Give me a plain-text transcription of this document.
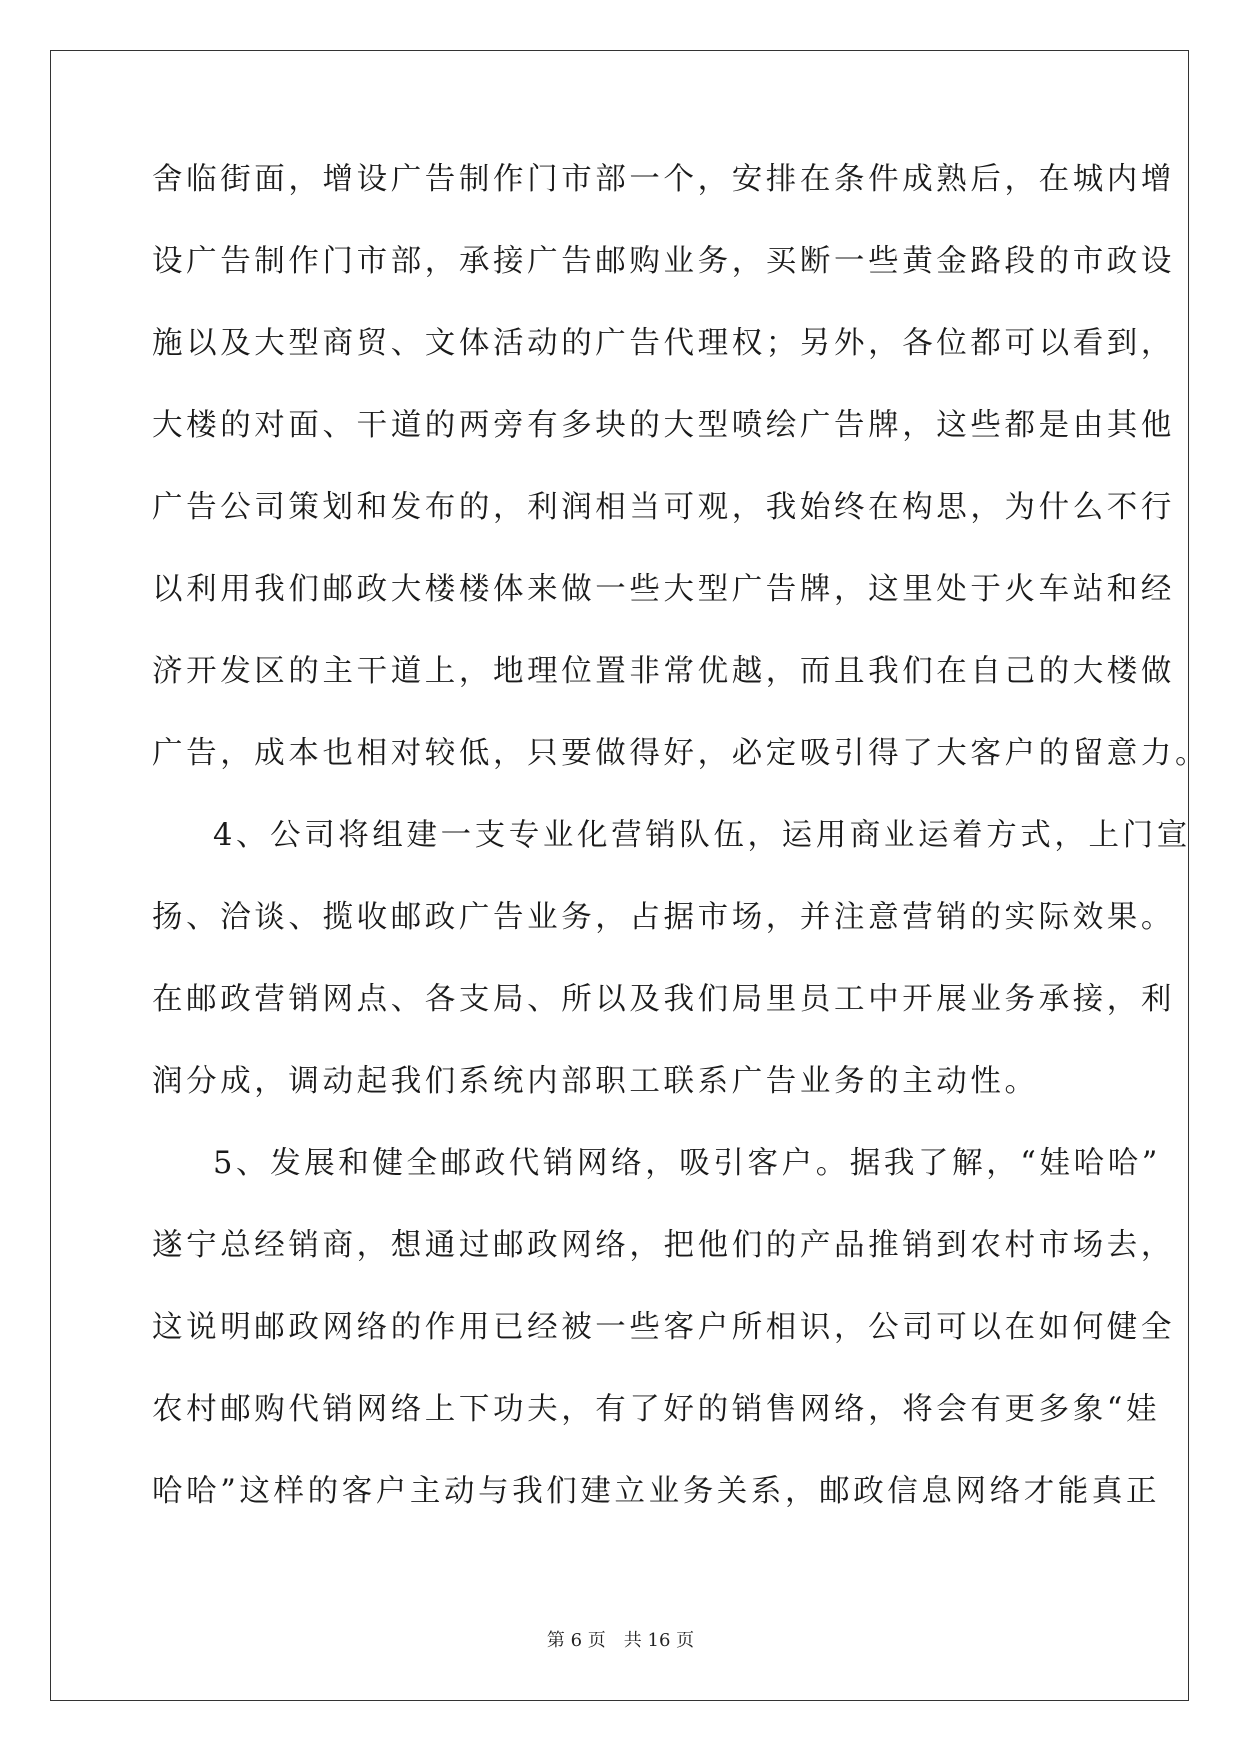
舍临街面，增设广告制作门市部一个，安排在条件成熟后，在城内增
设广告制作门市部，承接广告邮购业务，买断一些黄金路段的市政设
施以及大型商贸、文体活动的广告代理权；另外，各位都可以看到，
大楼的对面、干道的两旁有多块的大型喷绘广告牌，这些都是由其他
广告公司策划和发布的，利润相当可观，我始终在构思，为什么不行
以利用我们邮政大楼楼体来做一些大型广告牌，这里处于火车站和经
济开发区的主干道上，地理位置非常优越，而且我们在自己的大楼做
广告，成本也相对较低，只要做得好，必定吸引得了大客户的留意力。
4、公司将组建一支专业化营销队伍，运用商业运着方式，上门宣
扬、洽谈、揽收邮政广告业务，占据市场，并注意营销的实际效果。
在邮政营销网点、各支局、所以及我们局里员工中开展业务承接，利
润分成，调动起我们系统内部职工联系广告业务的主动性。
5、发展和健全邮政代销网络，吸引客户。据我了解，“娃哈哈”
遂宁总经销商，想通过邮政网络，把他们的产品推销到农村市场去，
这说明邮政网络的作用已经被一些客户所相识，公司可以在如何健全
农村邮购代销网络上下功夫，有了好的销售网络，将会有更多象“娃
哈哈”这样的客户主动与我们建立业务关系，邮政信息网络才能真正
第 6 页　共 16 页
